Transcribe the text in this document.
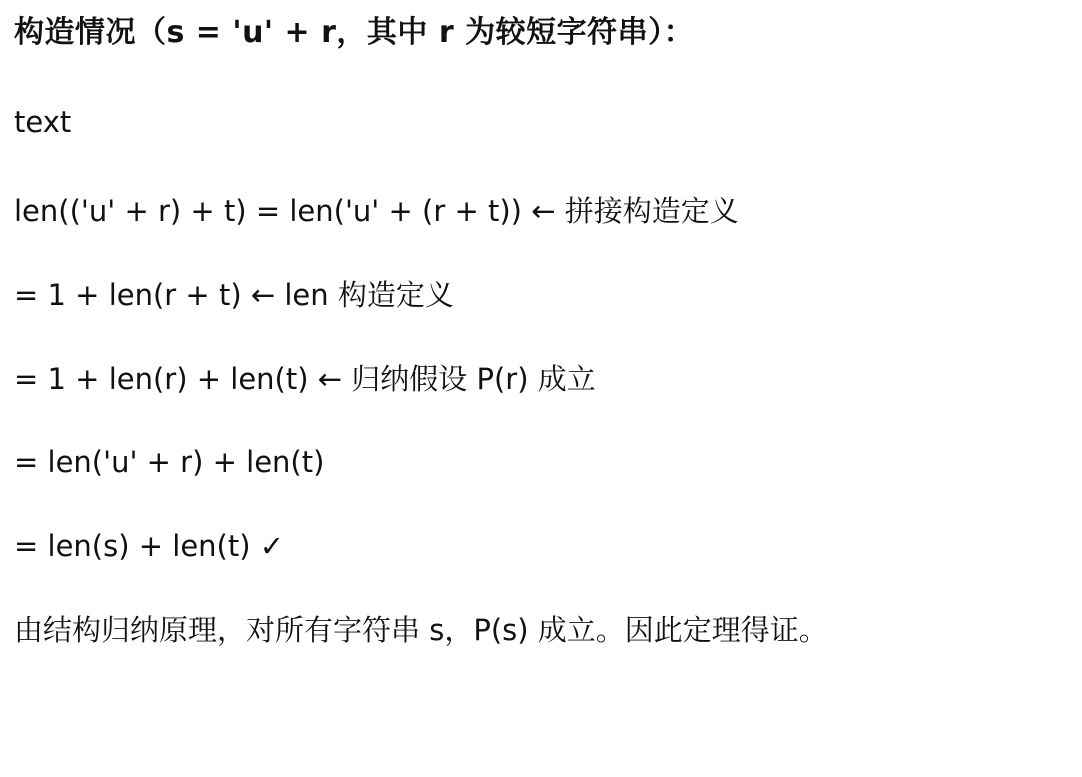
构造情况（s = 'u' + r，其中 r 为较短字符串）：
text
len(('u' + r) + t) = len('u' + (r + t)) ← 拼接构造定义
= 1 + len(r + t) ← len 构造定义
= 1 + len(r) + len(t) ← 归纳假设 P(r) 成立
= len('u' + r) + len(t)
= len(s) + len(t) ✓
由结构归纳原理，对所有字符串 s，P(s) 成立。因此定理得证。
